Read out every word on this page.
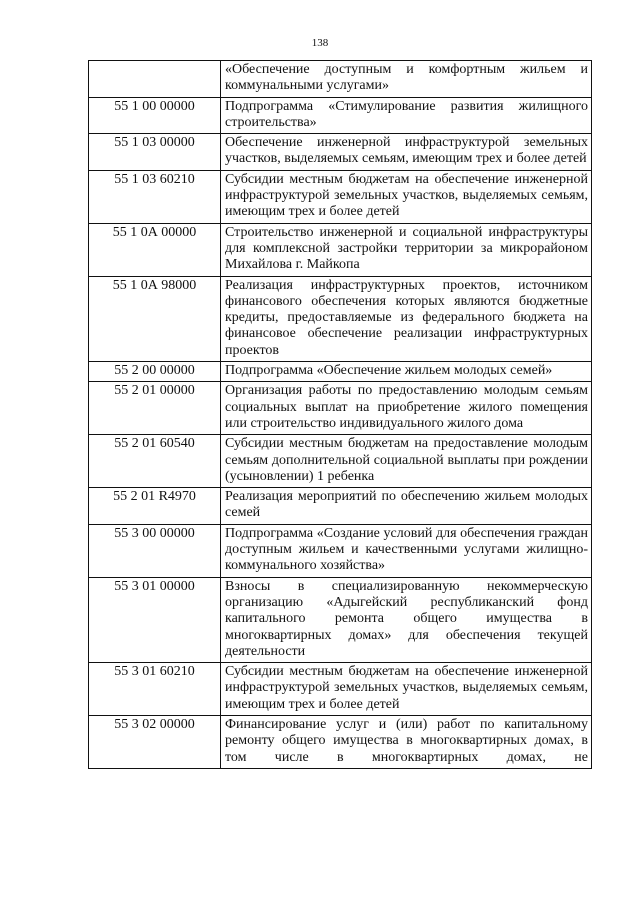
138
	«Обеспечение доступным и комфортным жильем и коммунальными услугами»
55 1 00 00000	Подпрограмма «Стимулирование развития жилищного строительства»
55 1 03 00000	Обеспечение инженерной инфраструктурой земельных участков, выделяемых семьям, имеющим трех и более детей
55 1 03 60210	Субсидии местным бюджетам на обеспечение инженерной инфраструктурой земельных участков, выделяемых семьям, имеющим трех и более детей
55 1 0А 00000	Строительство инженерной и социальной инфраструктуры для комплексной застройки территории за микрорайоном Михайлова г. Майкопа
55 1 0А 98000	Реализация инфраструктурных проектов, источником финансового обеспечения которых являются бюджетные кредиты, предоставляемые из федерального бюджета на финансовое обеспечение реализации инфраструктурных проектов
55 2 00 00000	Подпрограмма «Обеспечение жильем молодых семей»
55 2 01 00000	Организация работы по предоставлению молодым семьям социальных выплат на приобретение жилого помещения или строительство индивидуального жилого дома
55 2 01 60540	Субсидии местным бюджетам на предоставление молодым семьям дополнительной социальной выплаты при рождении (усыновлении) 1 ребенка
55 2 01 R4970	Реализация мероприятий по обеспечению жильем молодых семей
55 3 00 00000	Подпрограмма «Создание условий для обеспечения граждан доступным жильем и качественными услугами жилищно-коммунального хозяйства»
55 3 01 00000	Взносы в специализированную некоммерческую организацию «Адыгейский республиканский фонд капитального ремонта общего имущества в многоквартирных домах» для обеспечения текущей деятельности
55 3 01 60210	Субсидии местным бюджетам на обеспечение инженерной инфраструктурой земельных участков, выделяемых семьям, имеющим трех и более детей
55 3 02 00000	Финансирование услуг и (или) работ по капитальному ремонту общего имущества в многоквартирных домах, в том числе в многоквартирных домах, не
